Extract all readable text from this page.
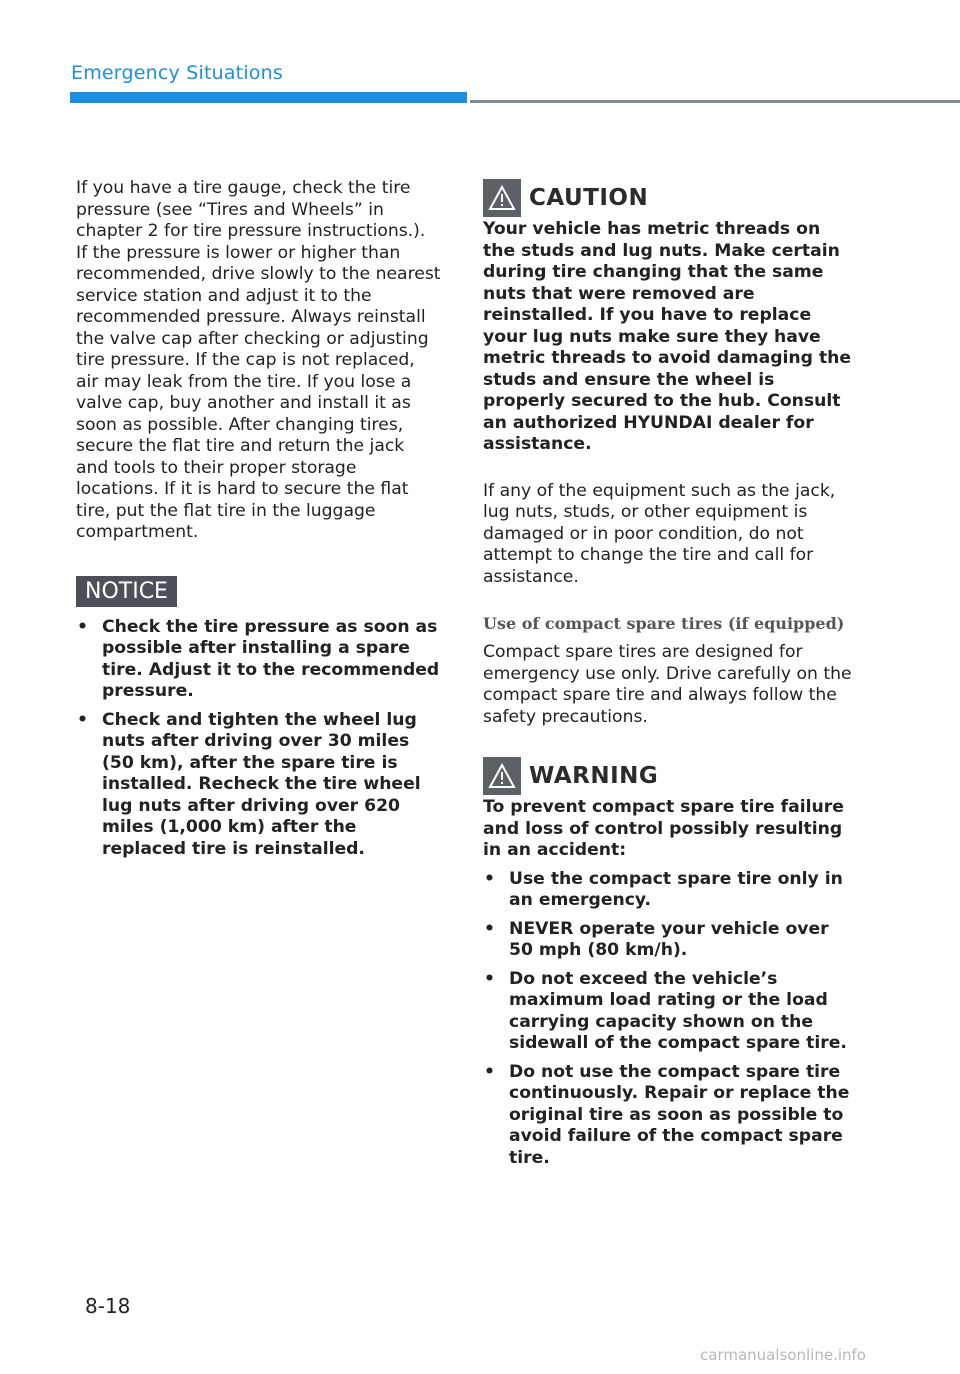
Emergency Situations

If you have a tire gauge, check the tire pressure (see “Tires and Wheels” in chapter 2 for tire pressure instructions.). If the pressure is lower or higher than recommended, drive slowly to the nearest service station and adjust it to the recommended pressure. Always reinstall the valve cap after checking or adjusting tire pressure. If the cap is not replaced, air may leak from the tire. If you lose a valve cap, buy another and install it as soon as possible. After changing tires, secure the flat tire and return the jack and tools to their proper storage locations. If it is hard to secure the flat tire, put the flat tire in the luggage compartment.

NOTICE
• Check the tire pressure as soon as possible after installing a spare tire. Adjust it to the recommended pressure.
• Check and tighten the wheel lug nuts after driving over 30 miles (50 km), after the spare tire is installed. Recheck the tire wheel lug nuts after driving over 620 miles (1,000 km) after the replaced tire is reinstalled.
CAUTION

Your vehicle has metric threads on the studs and lug nuts. Make certain during tire changing that the same nuts that were removed are reinstalled. If you have to replace your lug nuts make sure they have metric threads to avoid damaging the studs and ensure the wheel is properly secured to the hub. Consult an authorized HYUNDAI dealer for assistance.

If any of the equipment such as the jack, lug nuts, studs, or other equipment is damaged or in poor condition, do not attempt to change the tire and call for assistance.

Use of compact spare tires (if equipped)

Compact spare tires are designed for emergency use only. Drive carefully on the compact spare tire and always follow the safety precautions.

WARNING

To prevent compact spare tire failure and loss of control possibly resulting in an accident:

• Use the compact spare tire only in an emergency.
• NEVER operate your vehicle over 50 mph (80 km/h).
• Do not exceed the vehicle’s maximum load rating or the load carrying capacity shown on the sidewall of the compact spare tire.
• Do not use the compact spare tire continuously. Repair or replace the original tire as soon as possible to avoid failure of the compact spare tire.
8-18
carmanualsonline.info
